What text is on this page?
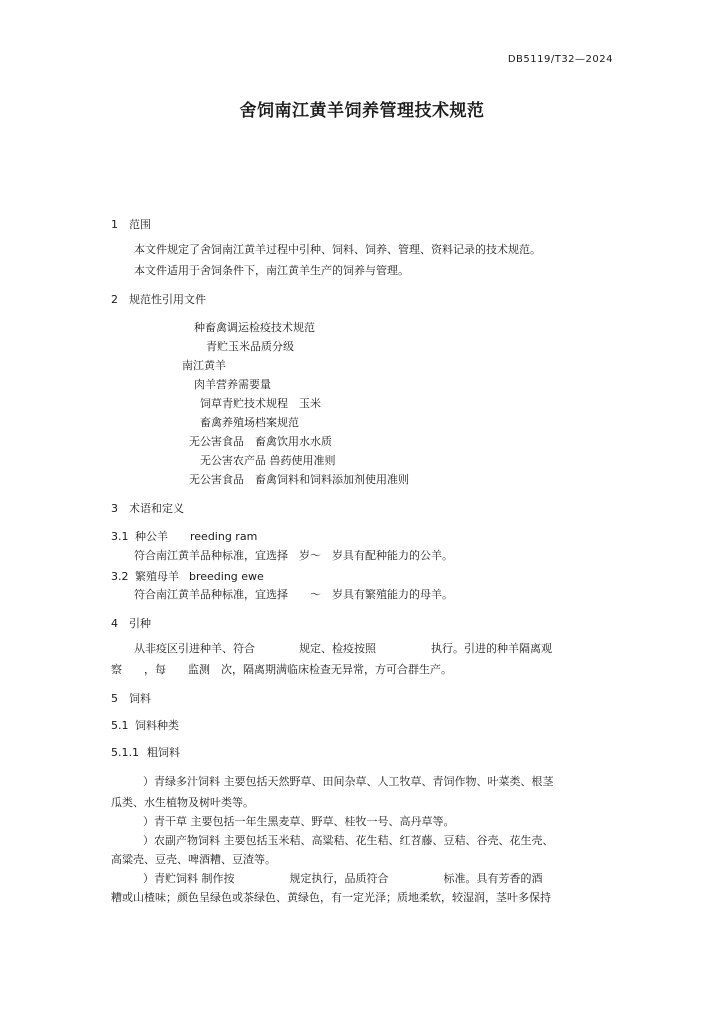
DB5119/T32—2024
舍饲南江黄羊饲养管理技术规范
1 范围
本文件规定了舍饲南江黄羊过程中引种、饲料、饲养、管理、资料记录的技术规范。
本文件适用于舍饲条件下，南江黄羊生产的饲养与管理。
2 规范性引用文件
种畜禽调运检疫技术规范
青贮玉米品质分级
南江黄羊
肉羊营养需要量
饲草青贮技术规程　玉米
畜禽养殖场档案规范
无公害食品　畜禽饮用水水质
无公害农产品 兽药使用准则
无公害食品　畜禽饲料和饲料添加剂使用准则
3 术语和定义
3.1 种公羊 reeding ram
符合南江黄羊品种标准，宜选择　岁～　岁具有配种能力的公羊。
3.2 繁殖母羊 breeding ewe
符合南江黄羊品种标准，宜选择　　～　岁具有繁殖能力的母羊。
4 引种
从非疫区引进种羊、符合　　　　规定、检疫按照　　　　　执行。引进的种羊隔离观
察　　，每　　监测　次，隔离期满临床检查无异常，方可合群生产。
5 饲料
5.1 饲料种类
5.1.1 粗饲料
）青绿多汁饲料 主要包括天然野草、田间杂草、人工牧草、青饲作物、叶菜类、根茎
瓜类、水生植物及树叶类等。
）青干草 主要包括一年生黑麦草、野草、桂牧一号、高丹草等。
）农副产物饲料 主要包括玉米秸、高粱秸、花生秸、红苕藤、豆秸、谷壳、花生壳、
高粱壳、豆壳、啤酒糟、豆渣等。
）青贮饲料 制作按　　　　　规定执行，品质符合　　　　　标准。具有芳香的酒
糟或山楂味；颜色呈绿色或茶绿色、黄绿色，有一定光泽；质地柔软，较湿润，茎叶多保持
